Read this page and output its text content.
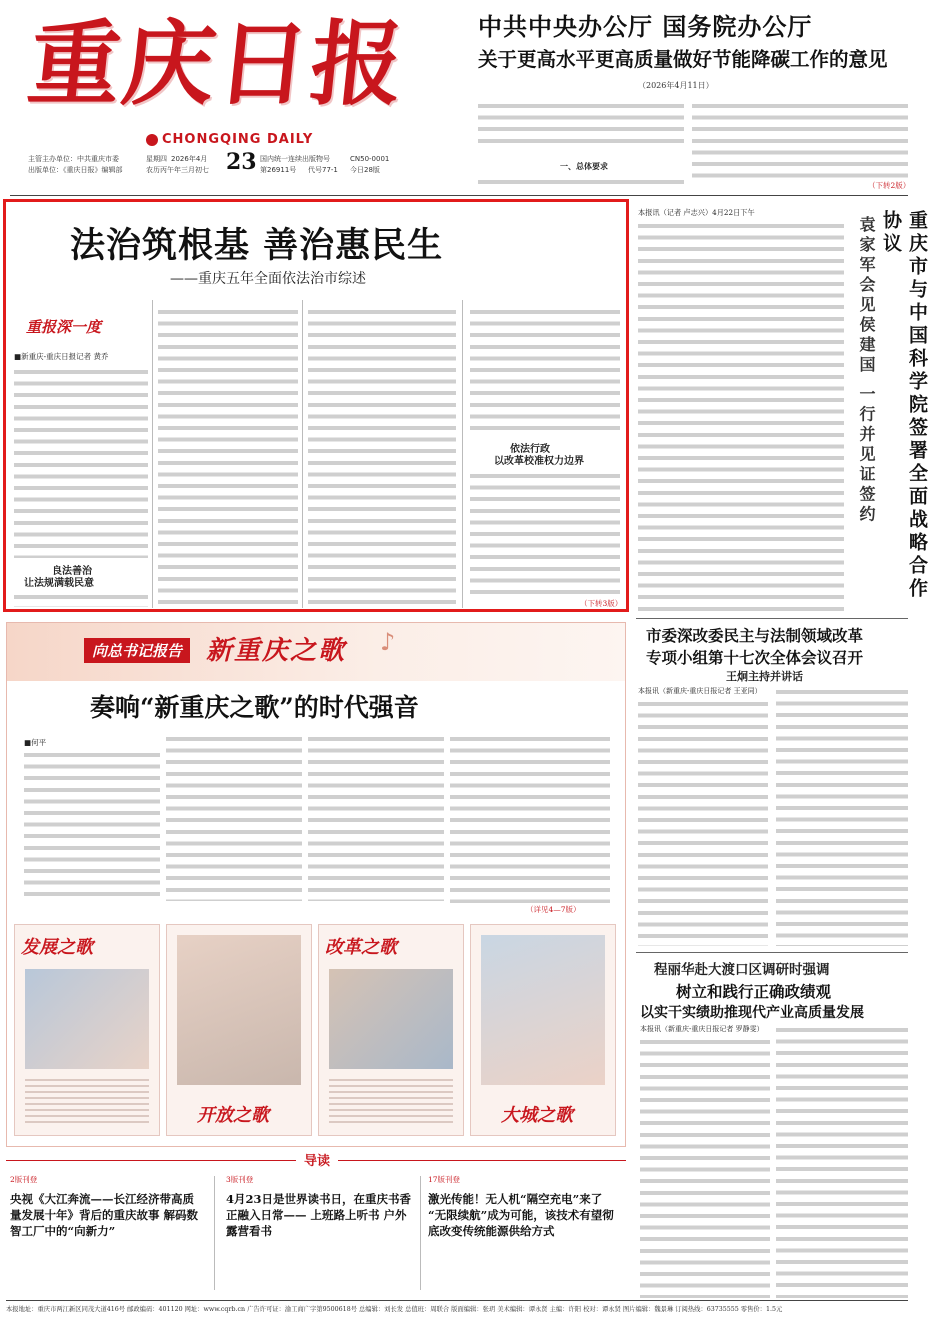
重庆日报
CHONGQING DAILY
主管主办单位：中共重庆市委
出版单位：《重庆日报》编辑部
星期四 2026年4月 23
农历丙午年三月初七
国内统一连续出版物号	CN50-0001
第26911号 代号77-1 今日28版
中共中央办公厅 国务院办公厅
关于更高水平更高质量做好节能降碳工作的意见
（2026年4月11日）
一、总体要求
（下转2版）
法治筑根基 善治惠民生
——重庆五年全面依法治市综述
重报深一度
■新重庆-重庆日报记者 黄乔
良法善治
让法规满载民意
依法行政
以改革校准权力边界
（下转3版）
重庆市与中国科学院签署全面战略合作协议
袁家军会见侯建国 一行并见证签约
本报讯（记者 卢志兴）4月22日下午
向总书记报告 新重庆之歌 ♪
奏响“新重庆之歌”的时代强音
■何平
（详见4—7版）
发展之歌
开放之歌
改革之歌
大城之歌
市委深改委民主与法制领域改革
专项小组第十七次全体会议召开
王炯主持并讲话
本报讯（新重庆-重庆日报记者 王亚同）
程丽华赴大渡口区调研时强调
树立和践行正确政绩观
以实干实绩助推现代产业高质量发展
本报讯（新重庆-重庆日报记者 罗静雯）
导读
2版刊登
央视《大江奔流——长江经济带高质量发展十年》背后的重庆故事 解码数智工厂中的“向新力”
3版刊登
4月23日是世界读书日，在重庆书香正融入日常—— 上班路上听书 户外露营看书
17版刊登
激光传能！无人机“隔空充电”来了 “无限续航”成为可能，该技术有望彻底改变传统能源供给方式
本报地址：重庆市两江新区同茂大道416号 邮政编码：401120 网址：www.cqrb.cn 广告许可证：渝工商广字第9500618号 总编辑：刘长发 总值班：周联合 版面编辑：张玥 美术编辑：谭永贤 主编：许阳 校对：谭永贤 图片编辑：魏景琳 订阅热线：63735555 零售价：1.5元
